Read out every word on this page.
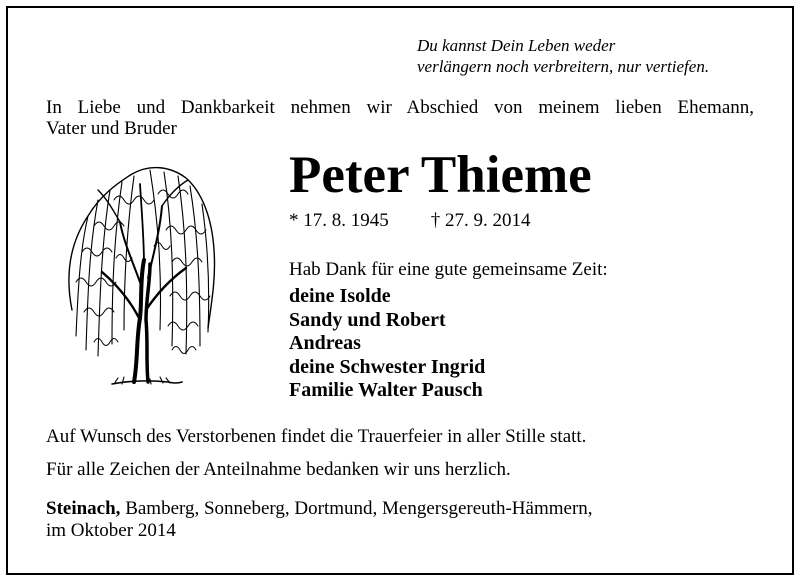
Du kannst Dein Leben weder
verlängern noch verbreitern, nur vertiefen.
In Liebe und Dankbarkeit nehmen wir Abschied von meinem lieben Ehemann,
Vater und Bruder
Peter Thieme
* 17. 8. 1945 † 27. 9. 2014
Hab Dank für eine gute gemeinsame Zeit:
deine Isolde
Sandy und Robert
Andreas
deine Schwester Ingrid
Familie Walter Pausch
Auf Wunsch des Verstorbenen findet die Trauerfeier in aller Stille statt.
Für alle Zeichen der Anteilnahme bedanken wir uns herzlich.
Steinach, Bamberg, Sonneberg, Dortmund, Mengersgereuth-Hämmern,
im Oktober 2014
